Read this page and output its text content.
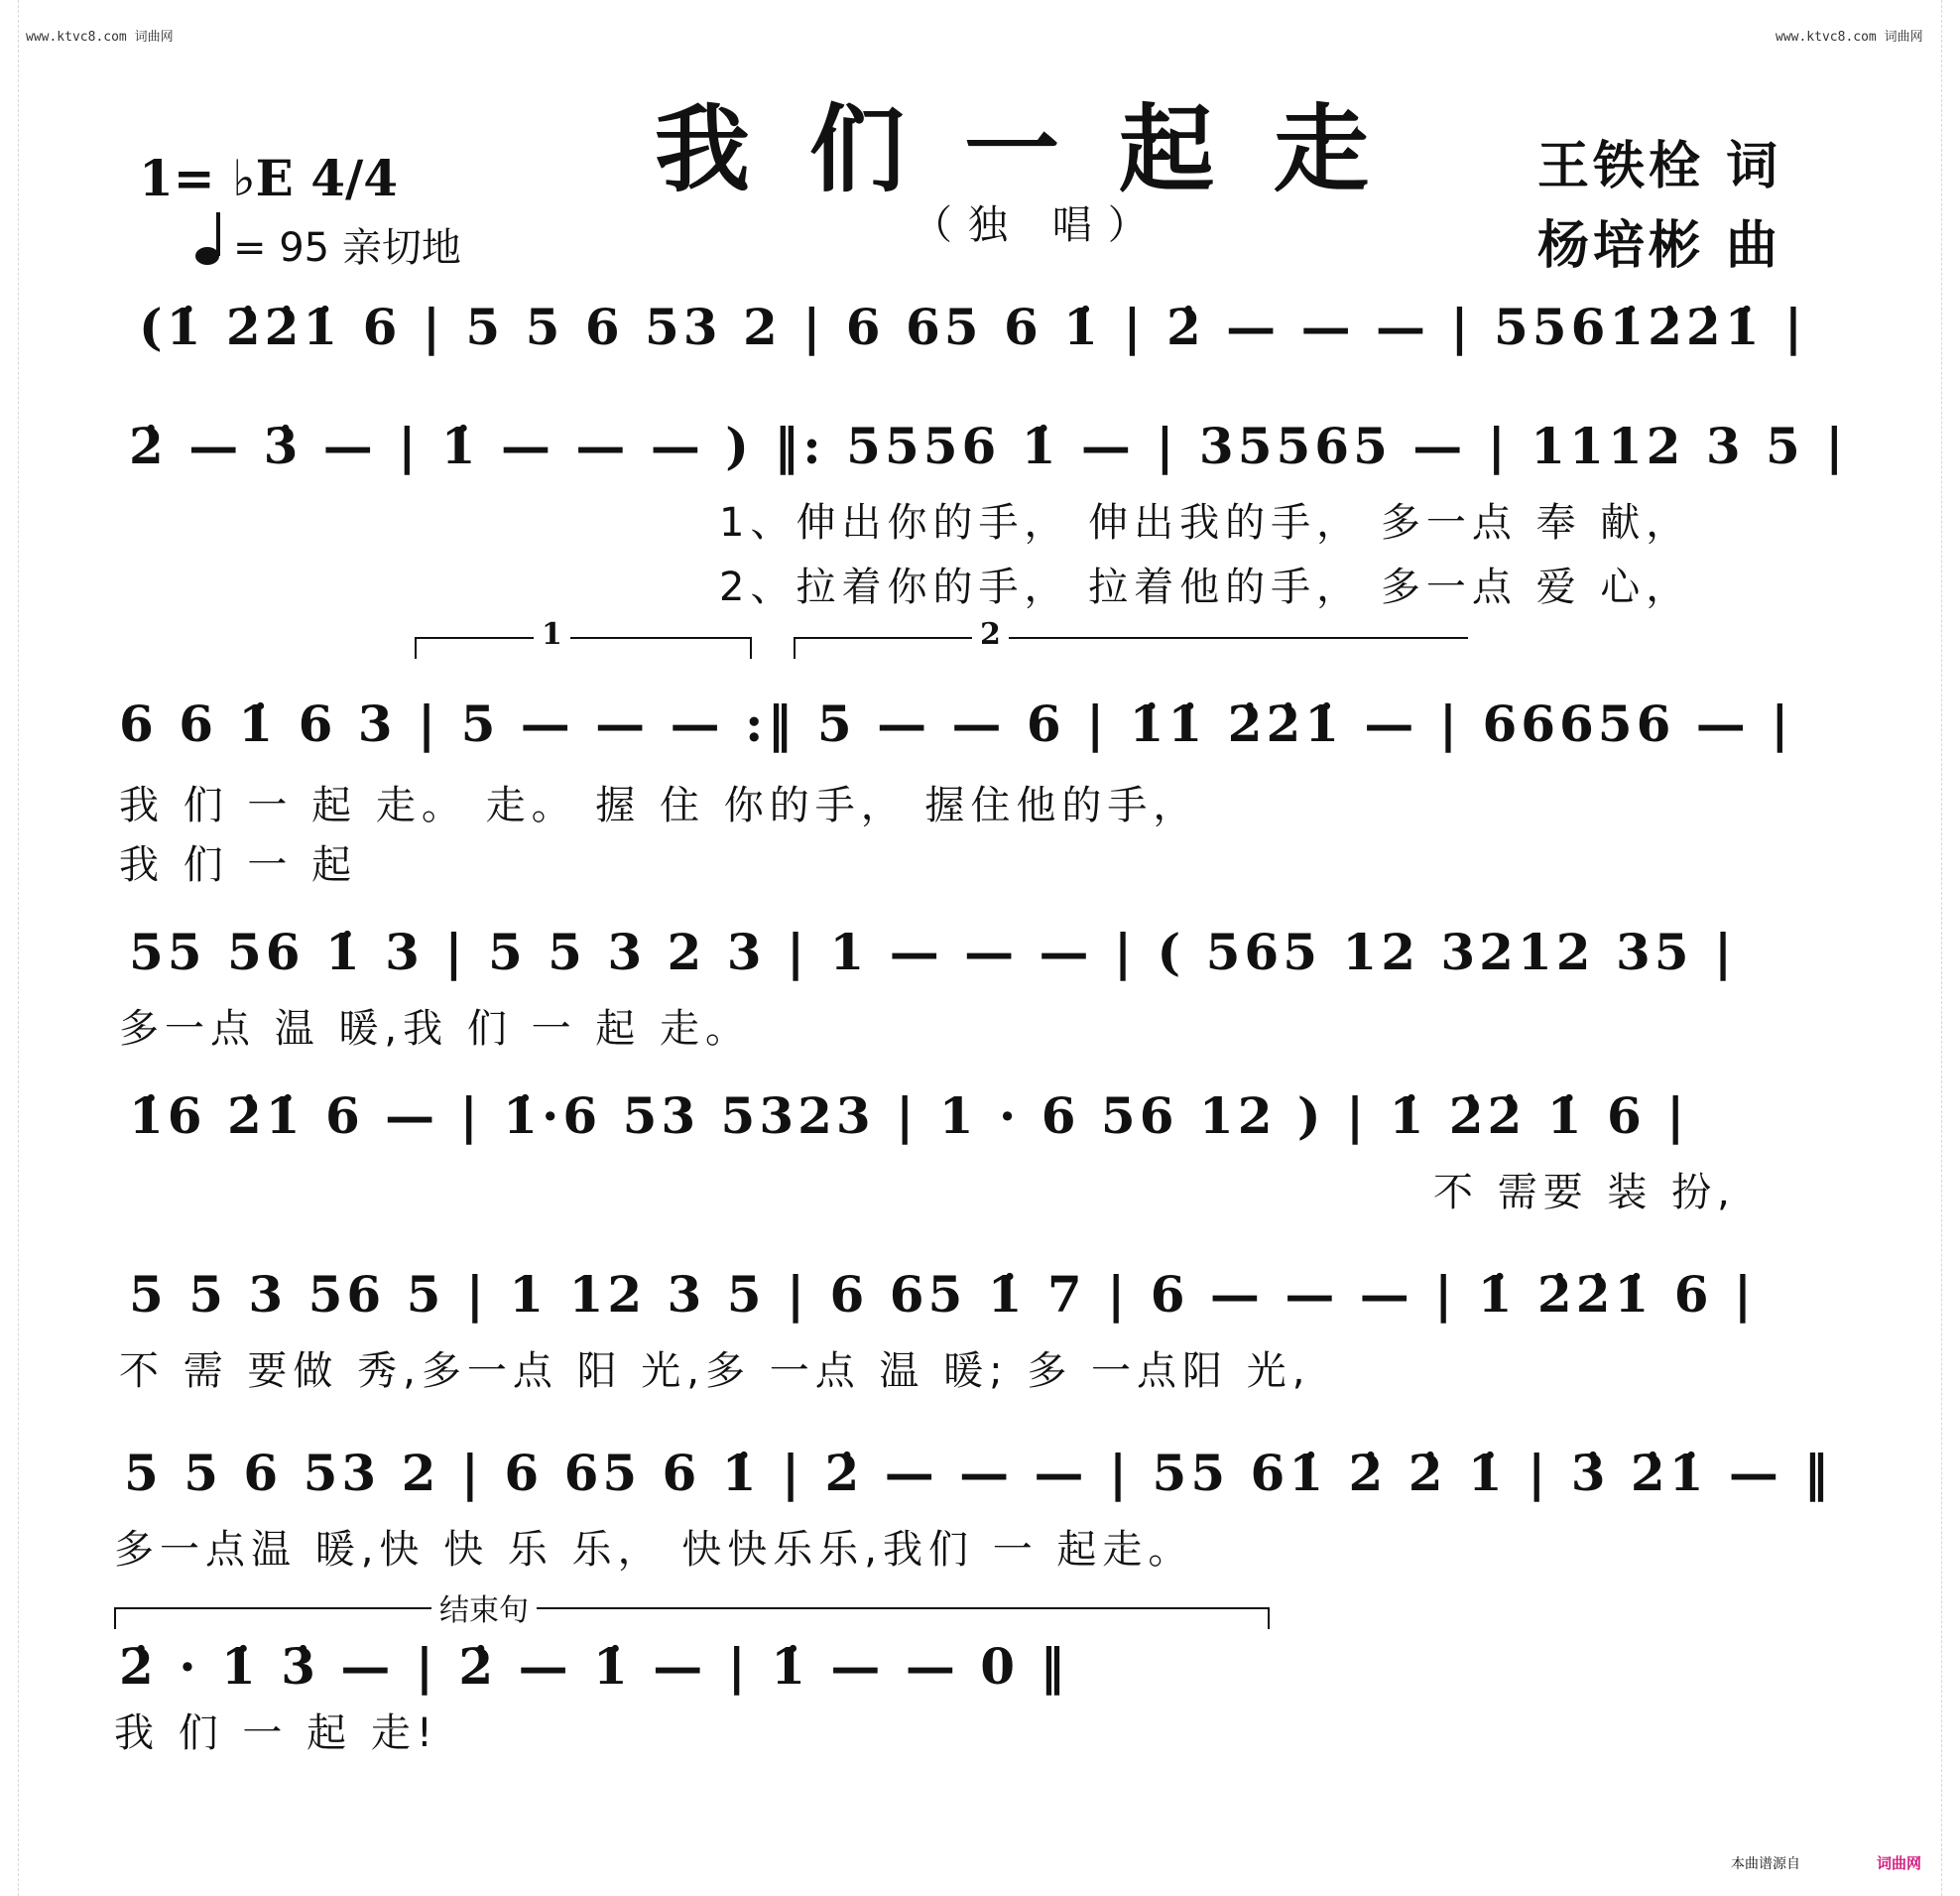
www.ktvc8.com 词曲网	www.ktvc8.com 词曲网
我们一起走
（独 唱）
王铁栓 词
杨培彬 曲
1= ♭E 4/4
= 95 亲切地
(1̇ 2̇2̇1̇ 6 | 5 5 6 53 2 | 6 65 6 1̇ | 2̇ — — — | 5561̇2̇2̇1̇ |
2̇ — 3̇ — | 1̇ — — — ) ‖: 5556 1̇ — | 35565 — | 1112 3 5 |
1、伸出你的手， 伸出我的手， 多一点 奉 献，
2、拉着你的手， 拉着他的手， 多一点 爱 心，
1	2
6 6 1̇ 6 3 | 5 — — — :‖ 5 — — 6 | 1̇1̇ 2̇2̇1̇ — | 66656 — |
我 们 一 起 走。 走。 握 住 你的手， 握住他的手，
我 们 一 起
55 56 1̇ 3 | 5 5 3 2 3 | 1 — — — | ( 565 12 3212 35 |
多一点 温 暖,我 们 一 起 走。
1̇6 2̇1̇ 6 — | 1̇·6 53 5323 | 1 · 6 56 12 ) | 1̇ 2̇2̇ 1̇ 6 |
不 需要 装 扮,
5 5 3 56 5 | 1 12 3 5 | 6 65 1̇ 7 | 6 — — — | 1̇ 2̇2̇1̇ 6 |
不 需 要做 秀,多一点 阳 光,多 一点 温 暖; 多 一点阳 光,
5 5 6 53 2 | 6 65 6 1̇ | 2̇ — — — | 55 61̇ 2̇ 2̇ 1̇ | 3̇ 2̇1̇ — ‖
多一点温 暖,快 快 乐 乐， 快快乐乐,我们 一 起走。
结束句
2̇ · 1̇ 3̇ — | 2̇ — 1̇ — | 1̇ — — 0 ‖
我 们 一 起 走!
本曲谱源自	词曲网
